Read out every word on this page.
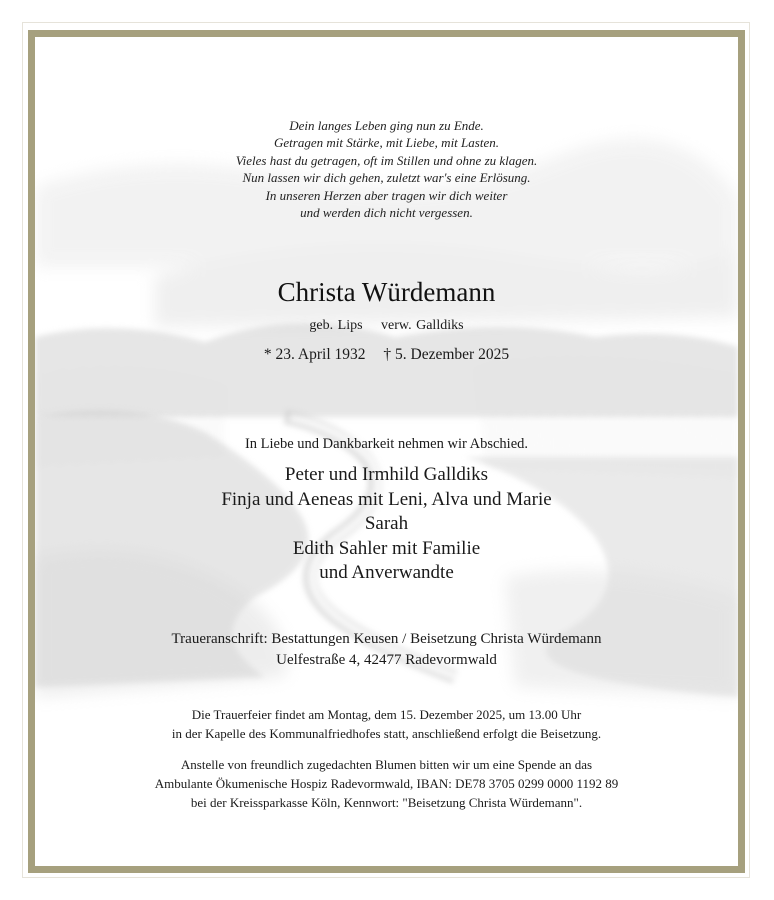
Dein langes Leben ging nun zu Ende.
Getragen mit Stärke, mit Liebe, mit Lasten.
Vieles hast du getragen, oft im Stillen und ohne zu klagen.
Nun lassen wir dich gehen, zuletzt war's eine Erlösung.
In unseren Herzen aber tragen wir dich weiter
und werden dich nicht vergessen.
Christa Würdemann
geb. Lips verw. Galldiks
* 23. April 1932 † 5. Dezember 2025
In Liebe und Dankbarkeit nehmen wir Abschied.
Peter und Irmhild Galldiks
Finja und Aeneas mit Leni, Alva und Marie
Sarah
Edith Sahler mit Familie
und Anverwandte
Traueranschrift: Bestattungen Keusen / Beisetzung Christa Würdemann
Uelfestraße 4, 42477 Radevormwald
Die Trauerfeier findet am Montag, dem 15. Dezember 2025, um 13.00 Uhr
in der Kapelle des Kommunalfriedhofes statt, anschließend erfolgt die Beisetzung.
Anstelle von freundlich zugedachten Blumen bitten wir um eine Spende an das
Ambulante Ökumenische Hospiz Radevormwald, IBAN: DE78 3705 0299 0000 1192 89
bei der Kreissparkasse Köln, Kennwort: "Beisetzung Christa Würdemann".
